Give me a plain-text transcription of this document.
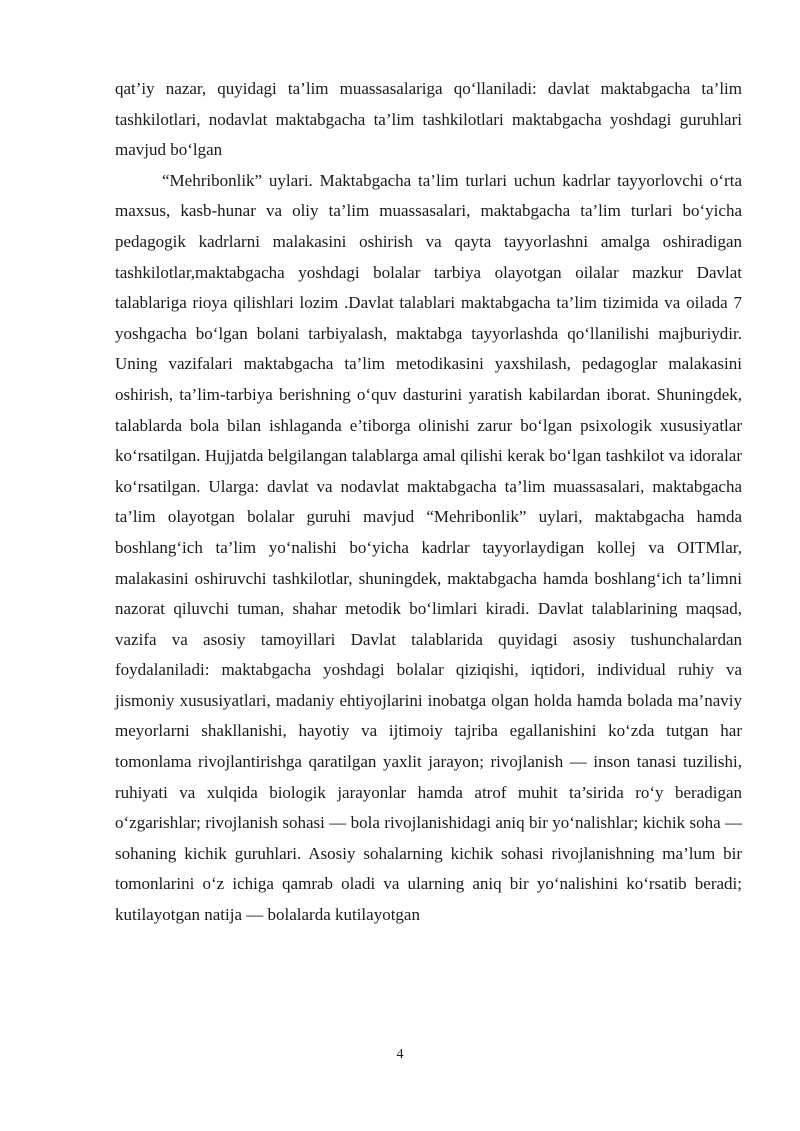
qat’iy nazar, quyidagi ta’lim muassasalariga qo‘llaniladi: davlat maktabgacha ta’lim tashkilotlari, nodavlat maktabgacha ta’lim tashkilotlari maktabgacha yoshdagi guruhlari mavjud bo‘lgan

“Mehribonlik” uylari. Maktabgacha ta’lim turlari uchun kadrlar tayyorlovchi o‘rta maxsus, kasb-hunar va oliy ta’lim muassasalari, maktabgacha ta’lim turlari bo‘yicha pedagogik kadrlarni malakasini oshirish va qayta tayyorlashni amalga oshiradigan tashkilotlar,maktabgacha yoshdagi bolalar tarbiya olayotgan oilalar mazkur Davlat talablariga rioya qilishlari lozim .Davlat talablari maktabgacha ta’lim tizimida va oilada 7 yoshgacha bo‘lgan bolani tarbiyalash, maktabga tayyorlashda qo‘llanilishi majburiydir. Uning vazifalari maktabgacha ta’lim metodikasini yaxshilash, pedagoglar malakasini oshirish, ta’lim-tarbiya berishning o‘quv dasturini yaratish kabilardan iborat. Shuningdek, talablarda bola bilan ishlaganda e’tiborga olinishi zarur bo‘lgan psixologik xususiyatlar ko‘rsatilgan. Hujjatda belgilangan talablarga amal qilishi kerak bo‘lgan tashkilot va idoralar ko‘rsatilgan. Ularga: davlat va nodavlat maktabgacha ta’lim muassasalari, maktabgacha ta’lim olayotgan bolalar guruhi mavjud “Mehribonlik” uylari, maktabgacha hamda boshlang‘ich ta’lim yo‘nalishi bo‘yicha kadrlar tayyorlaydigan kollej va OITMlar, malakasini oshiruvchi tashkilotlar, shuningdek, maktabgacha hamda boshlang‘ich ta’limni nazorat qiluvchi tuman, shahar metodik bo‘limlari kiradi. Davlat talablarining maqsad, vazifa va asosiy tamoyillari Davlat talablarida quyidagi asosiy tushunchalardan foydalaniladi: maktabgacha yoshdagi bolalar qiziqishi, iqtidori, individual ruhiy va jismoniy xususiyatlari, madaniy ehtiyojlarini inobatga olgan holda hamda bolada ma’naviy meyorlarni shakllanishi, hayotiy va ijtimoiy tajriba egallanishini ko‘zda tutgan har tomonlama rivojlantirishga qaratilgan yaxlit jarayon; rivojlanish — inson tanasi tuzilishi, ruhiyati va xulqida biologik jarayonlar hamda atrof muhit ta’sirida ro‘y beradigan o‘zgarishlar; rivojlanish sohasi — bola rivojlanishidagi aniq bir yo‘nalishlar; kichik soha — sohaning kichik guruhlari. Asosiy sohalarning kichik sohasi rivojlanishning ma’lum bir tomonlarini o‘z ichiga qamrab oladi va ularning aniq bir yo‘nalishini ko‘rsatib beradi; kutilayotgan natija — bolalarda kutilayotgan

4
